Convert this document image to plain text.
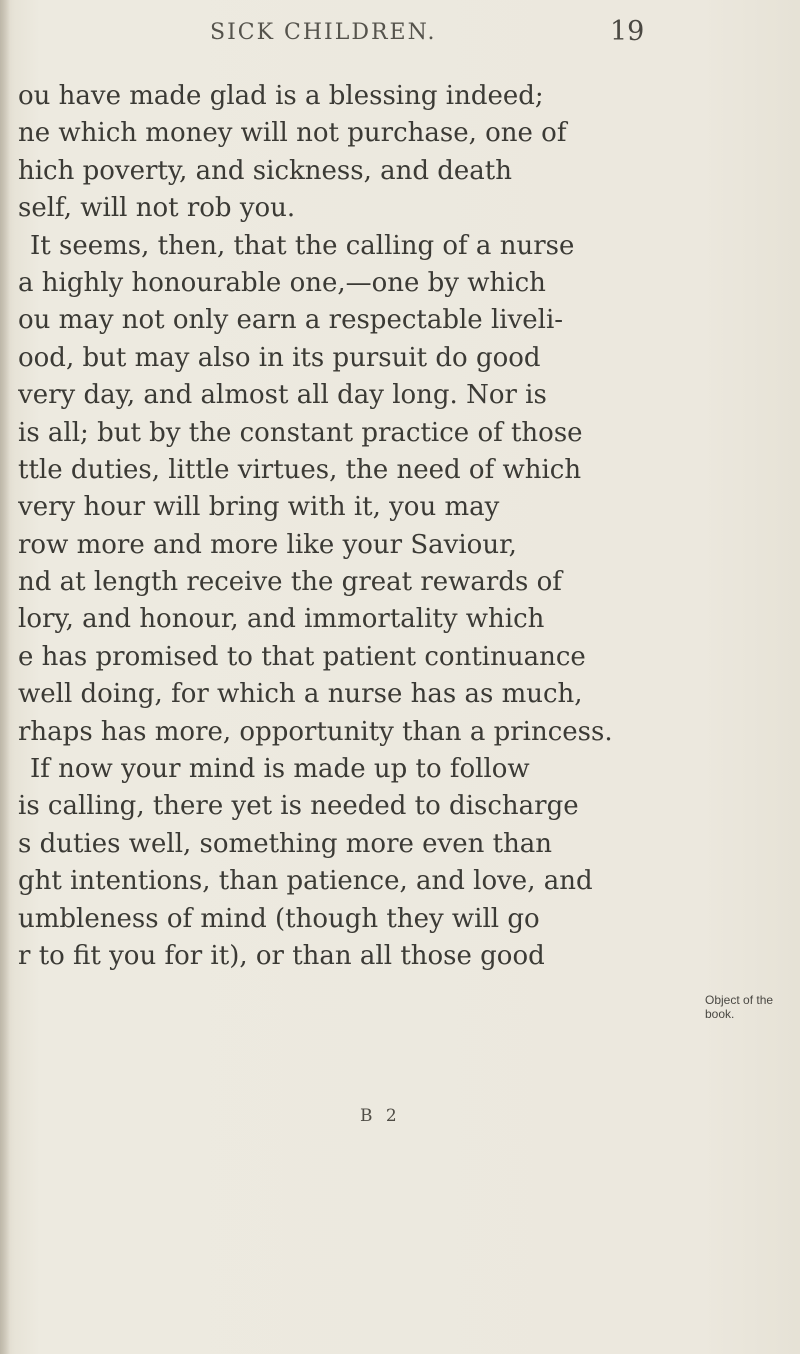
SICK CHILDREN.	19
ou have made glad is a blessing indeed;
ne which money will not purchase, one of
hich poverty, and sickness, and death
self, will not rob you.
It seems, then, that the calling of a nurse
a highly honourable one,—one by which
ou may not only earn a respectable liveli-
ood, but may also in its pursuit do good
very day, and almost all day long. Nor is
is all; but by the constant practice of those
ttle duties, little virtues, the need of which
very hour will bring with it, you may
row more and more like your Saviour,
nd at length receive the great rewards of
lory, and honour, and immortality which
e has promised to that patient continuance
well doing, for which a nurse has as much,
rhaps has more, opportunity than a princess.
If now your mind is made up to follow
is calling, there yet is needed to discharge
s duties well, something more even than
ght intentions, than patience, and love, and
umbleness of mind (though they will go
r to fit you for it), or than all those good
Object of the
book.
B 2
